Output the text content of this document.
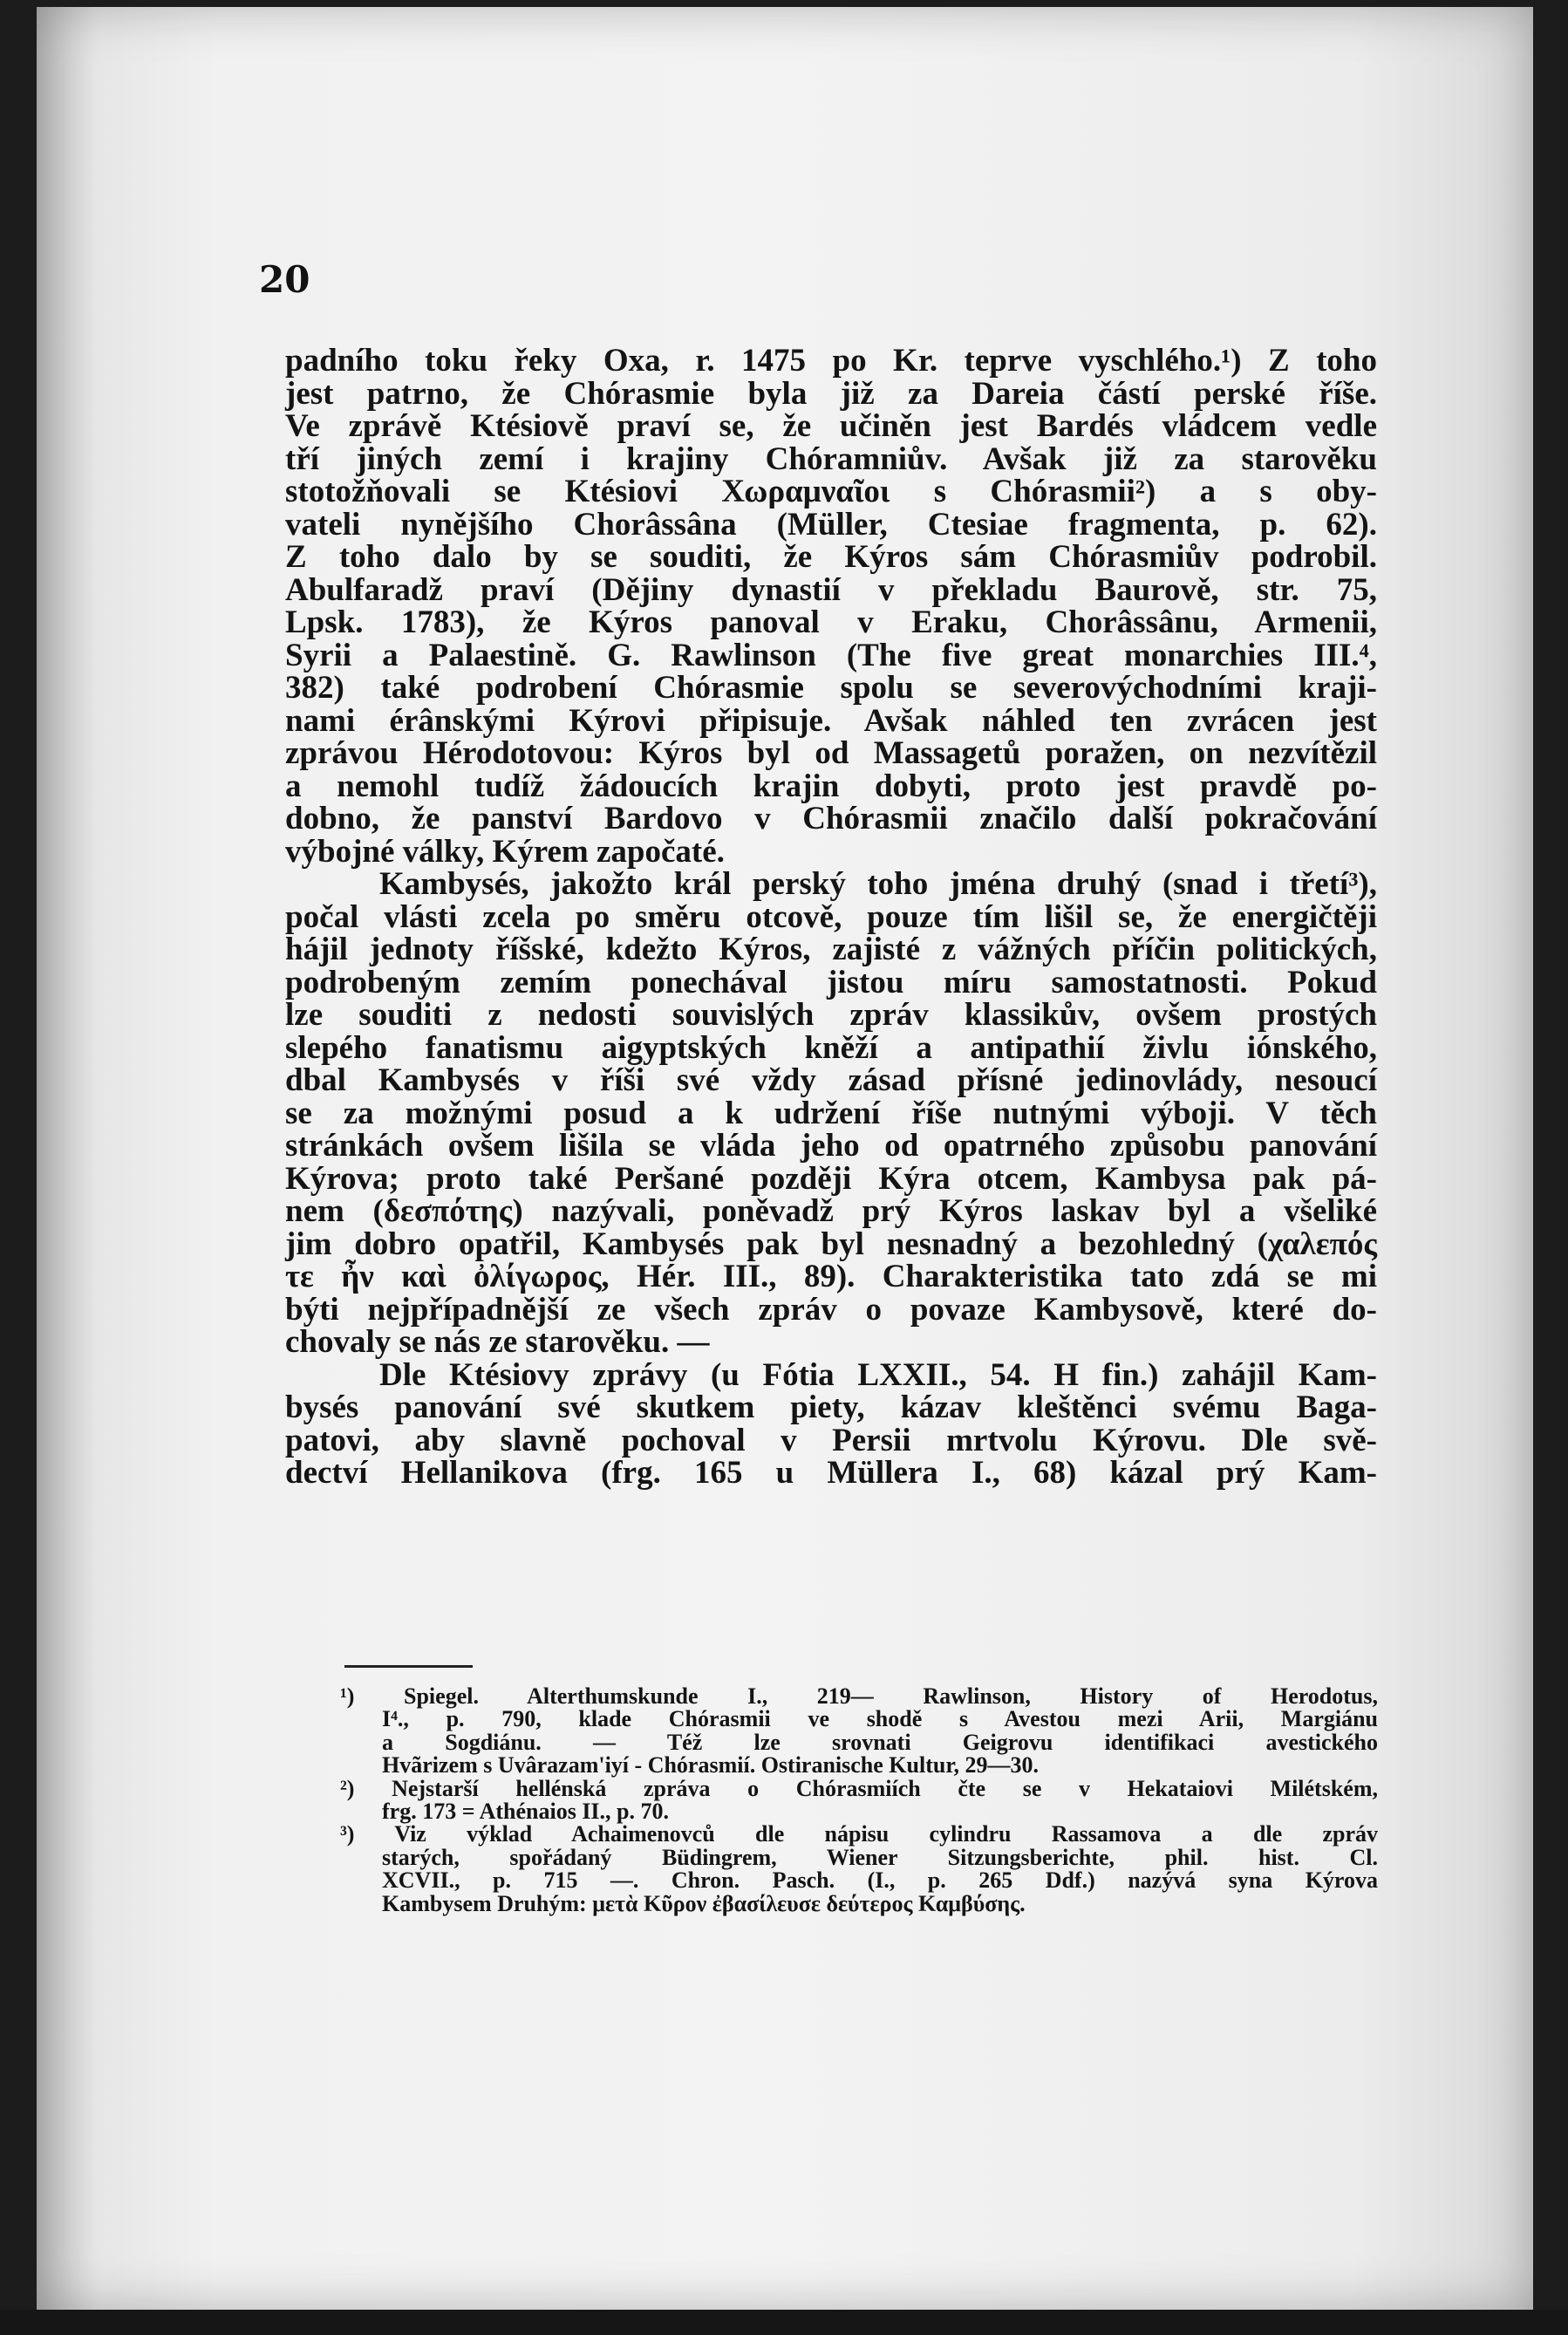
20
padního toku řeky Oxa, r. 1475 po Kr. teprve vyschlého.¹) Z toho
jest patrno, že Chórasmie byla již za Dareia částí perské říše.
Ve zprávě Ktésiově praví se, že učiněn jest Bardés vládcem vedle
tří jiných zemí i krajiny Chóramniův. Avšak již za starověku
stotožňovali se Ktésiovi Χωραμναῖοι s Chórasmii²) a s oby-
vateli nynějšího Chorâssâna (Müller, Ctesiae fragmenta, p. 62).
Z toho dalo by se souditi, že Kýros sám Chórasmiův podrobil.
Abulfaradž praví (Dějiny dynastií v překladu Baurově, str. 75,
Lpsk. 1783), že Kýros panoval v Eraku, Chorâssânu, Armenii,
Syrii a Palaestině. G. Rawlinson (The five great monarchies III.⁴,
382) také podrobení Chórasmie spolu se severovýchodními kraji-
nami érânskými Kýrovi připisuje. Avšak náhled ten zvrácen jest
zprávou Hérodotovou: Kýros byl od Massagetů poražen, on nezvítězil
a nemohl tudíž žádoucích krajin dobyti, proto jest pravdě po-
dobno, že panství Bardovo v Chórasmii značilo další pokračování
výbojné války, Kýrem započaté.
Kambysés, jakožto král perský toho jména druhý (snad i třetí³),
počal vlásti zcela po směru otcově, pouze tím lišil se, že energičtěji
hájil jednoty říšské, kdežto Kýros, zajisté z vážných příčin politických,
podrobeným zemím ponechával jistou míru samostatnosti. Pokud
lze souditi z nedosti souvislých zpráv klassikův, ovšem prostých
slepého fanatismu aigyptských kněží a antipathií živlu iónského,
dbal Kambysés v říši své vždy zásad přísné jedinovlády, nesoucí
se za možnými posud a k udržení říše nutnými výboji. V těch
stránkách ovšem lišila se vláda jeho od opatrného způsobu panování
Kýrova; proto také Peršané později Kýra otcem, Kambysa pak pá-
nem (δεσπότης) nazývali, poněvadž prý Kýros laskav byl a všeliké
jim dobro opatřil, Kambysés pak byl nesnadný a bezohledný (χαλεπός
τε ἦν καὶ ὀλίγωρος, Hér. III., 89). Charakteristika tato zdá se mi
býti nejpřípadnější ze všech zpráv o povaze Kambysově, které do-
chovaly se nás ze starověku. —
Dle Ktésiovy zprávy (u Fótia LXXII., 54. H fin.) zahájil Kam-
bysés panování své skutkem piety, kázav kleštěnci svému Baga-
patovi, aby slavně pochoval v Persii mrtvolu Kýrovu. Dle svě-
dectví Hellanikova (frg. 165 u Müllera I., 68) kázal prý Kam-
¹) Spiegel. Alterthumskunde I., 219— Rawlinson, History of Herodotus,
I⁴., p. 790, klade Chórasmii ve shodě s Avestou mezi Arii, Margiánu
a Sogdiánu. — Též lze srovnati Geigrovu identifikaci avestického
Hvãrizem s Uvârazam'iyí - Chórasmií. Ostiranische Kultur, 29—30.
²) Nejstarší hellénská zpráva o Chórasmiích čte se v Hekataiovi Milétském,
frg. 173 = Athénaios II., p. 70.
³) Viz výklad Achaimenovců dle nápisu cylindru Rassamova a dle zpráv
starých, spořádaný Büdingrem, Wiener Sitzungsberichte, phil. hist. Cl.
XCVII., p. 715 —. Chron. Pasch. (I., p. 265 Ddf.) nazývá syna Kýrova
Kambysem Druhým: μετὰ Κῦρον ἐβασίλευσε δεύτερος Καμβύσης.
